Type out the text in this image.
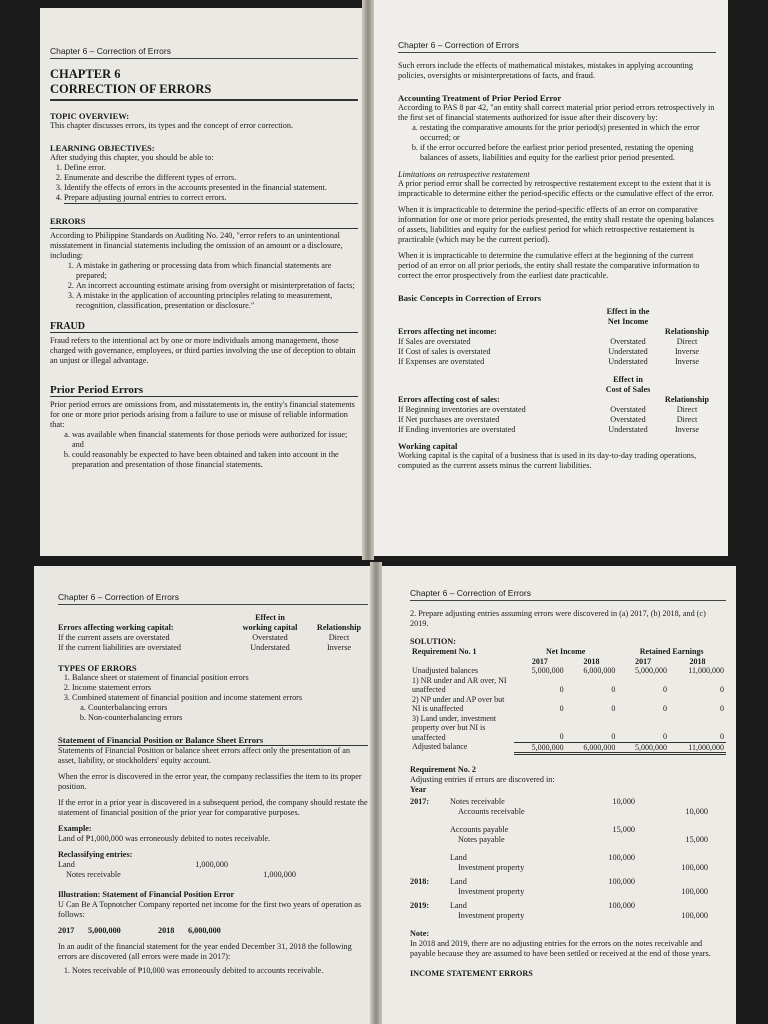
Chapter 6 – Correction of Errors
CHAPTER 6
CORRECTION OF ERRORS
TOPIC OVERVIEW:

This chapter discusses errors, its types and the concept of error correction.

LEARNING OBJECTIVES:

After studying this chapter, you should be able to:

1. Define error.
2. Enumerate and describe the different types of errors.
3. Identify the effects of errors in the accounts presented in the financial statement.
4. Prepare adjusting journal entries to correct errors.
ERRORS

According to Philippine Standards on Auditing No. 240, "error refers to an unintentional misstatement in financial statements including the omission of an amount or a disclosure, including:

1. A mistake in gathering or processing data from which financial statements are prepared;
2. An incorrect accounting estimate arising from oversight or misinterpretation of facts;
3. A mistake in the application of accounting principles relating to measurement, recognition, classification, presentation or disclosure."
FRAUD

Fraud refers to the intentional act by one or more individuals among management, those charged with governance, employees, or third parties involving the use of deception to obtain an unjust or illegal advantage.

Prior Period Errors

Prior period errors are omissions from, and misstatements in, the entity's financial statements for one or more prior periods arising from a failure to use or misuse of reliable information that:

a. was available when financial statements for those periods were authorized for issue; and
b. could reasonably be expected to have been obtained and taken into account in the preparation and presentation of those financial statements.
Chapter 6 – Correction of Errors

Such errors include the effects of mathematical mistakes, mistakes in applying accounting policies, oversights or misinterpretations of facts, and fraud.

Accounting Treatment of Prior Period Error

According to PAS 8 par 42, "an entity shall correct material prior period errors retrospectively in the first set of financial statements authorized for issue after their discovery by:

a. restating the comparative amounts for the prior period(s) presented in which the error occurred; or
b. if the error occurred before the earliest prior period presented, restating the opening balances of assets, liabilities and equity for the earliest prior period presented.
Limitations on retrospective restatement

A prior period error shall be corrected by retrospective restatement except to the extent that it is impracticable to determine either the period-specific effects or the cumulative effect of the error.

When it is impracticable to determine the period-specific effects of an error on comparative information for one or more prior periods presented, the entity shall restate the opening balances of assets, liabilities and equity for the earliest period for which retrospective restatement is practicable (which may be the current period).

When it is impracticable to determine the cumulative effect at the beginning of the current period of an error on all prior periods, the entity shall restate the comparative information to correct the error prospectively from the earliest date practicable.

Basic Concepts in Correction of Errors
Effect in the
Net Income
Errors affecting net income:	Relationship
If Sales are overstated	Overstated	Direct
If Cost of sales is overstated	Understated	Inverse
If Expenses are overstated	Understated	Inverse
Effect in
Cost of Sales
Errors affecting cost of sales:	Relationship
If Beginning inventories are overstated	Overstated	Direct
If Net purchases are overstated	Overstated	Direct
If Ending inventories are overstated	Understated	Inverse
Working capital

Working capital is the capital of a business that is used in its day-to-day trading operations, computed as the current assets minus the current liabilities.

Chapter 6 – Correction of Errors
Effect in
working capital	Relationship
Errors affecting working capital:
If the current assets are overstated	Overstated	Direct
If the current liabilities are overstated	Understated	Inverse
TYPES OF ERRORS
1. Balance sheet or statement of financial position errors
2. Income statement errors
3. Combined statement of financial position and income statement errors
a. Counterbalancing errors
b. Non-counterbalancing errors
Statement of Financial Position or Balance Sheet Errors

Statements of Financial Position or balance sheet errors affect only the presentation of an asset, liability, or stockholders' equity account.

When the error is discovered in the error year, the company reclassifies the item to its proper position.

If the error in a prior year is discovered in a subsequent period, the company should restate the statement of financial position of the prior year for comparative purposes.

Example:

Land of ₱1,000,000 was erroneously debited to notes receivable.

Reclassifying entries:
Land	1,000,000
Notes receivable	1,000,000
Illustration: Statement of Financial Position Error

U Can Be A Topnotcher Company reported net income for the first two years of operation as follows:

2017	5,000,000	2018	6,000,000

In an audit of the financial statement for the year ended December 31, 2018 the following errors are discovered (all errors were made in 2017):

1. Notes receivable of ₱10,000 was erroneously debited to accounts receivable.
Chapter 6 – Correction of Errors

2. Prepare adjusting entries assuming errors were discovered in (a) 2017, (b) 2018, and (c) 2019.

SOLUTION:
Requirement No. 1	Net Income		Retained Earnings	
	2017	2018	2017	2018
Unadjusted balances	5,000,000	6,000,000	5,000,000	11,000,000
1) NR under and AR over, NI unaffected	0	0	0	0
2) NP under and AP over but NI is unaffected	0	0	0	0
3) Land under, investment property over but NI is unaffected	0	0	0	0
Adjusted balance	5,000,000	6,000,000	5,000,000	11,000,000
Requirement No. 2

Adjusting entries if errors are discovered in:

Year
2017:	Notes receivable	10,000
Accounts receivable	10,000
Accounts payable	15,000
Notes payable	15,000
Land	100,000
Investment property	100,000
2018:	Land	100,000
Investment property	100,000
2019:	Land	100,000
Investment property	100,000
Note:

In 2018 and 2019, there are no adjusting entries for the errors on the notes receivable and payable because they are assumed to have been settled or received at the end of those years.

INCOME STATEMENT ERRORS
